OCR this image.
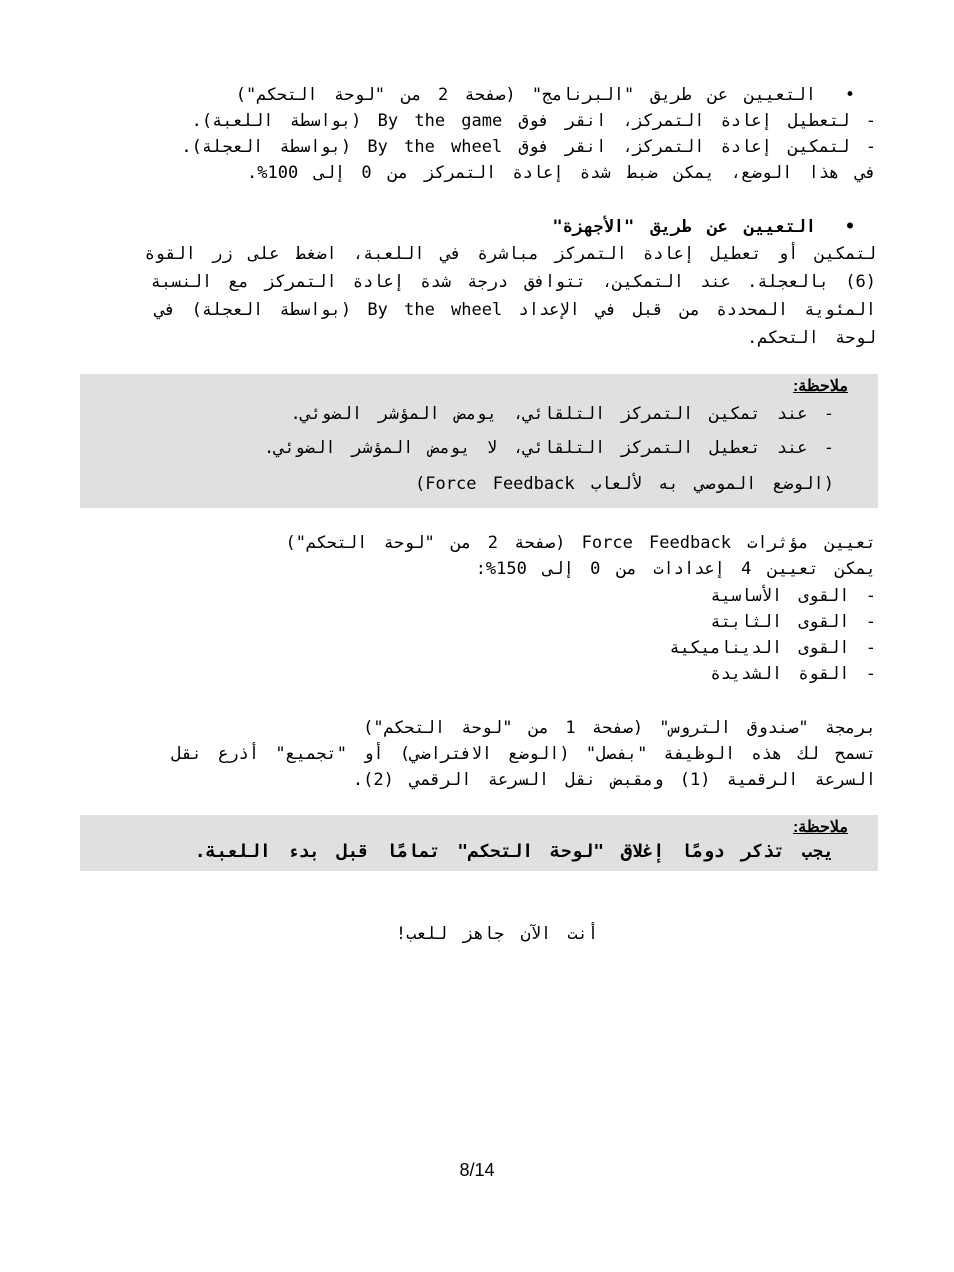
•
التعيين عن طريق "البرنامج" (صفحة 2 من "لوحة التحكم")
- لتعطيل إعادة التمركز، انقر فوق By the game (بواسطة اللعبة).
- لتمكين إعادة التمركز، انقر فوق By the wheel (بواسطة العجلة).
في هذا الوضع، يمكن ضبط شدة إعادة التمركز من 0 إلى 100%.
•
التعيين عن طريق "الأجهزة"
لتمكين أو تعطيل إعادة التمركز مباشرة في اللعبة، اضغط على زر القوة (6) بالعجلة. عند التمكين، تتوافق درجة شدة إعادة التمركز مع النسبة المئوية المحددة من قبل في الإعداد By the wheel (بواسطة العجلة) في لوحة التحكم.
ملاحظة:
- عند تمكين التمركز التلقائي، يومض المؤشر الضوئي.
- عند تعطيل التمركز التلقائي، لا يومض المؤشر الضوئي.
(الوضع الموصي به لألعاب Force Feedback)
تعيين مؤثرات Force Feedback (صفحة 2 من "لوحة التحكم")
يمكن تعيين 4 إعدادات من 0 إلى 150%:
- القوى الأساسية
- القوى الثابتة
- القوى الديناميكية
- القوة الشديدة
برمجة "صندوق التروس" (صفحة 1 من "لوحة التحكم")
تسمح لك هذه الوظيفة "بفصل" (الوضع الافتراضي) أو "تجميع" أذرع نقل السرعة الرقمية (1) ومقبض نقل السرعة الرقمي (2).
ملاحظة:
يجب تذكر دومًا إغلاق "لوحة التحكم" تمامًا قبل بدء اللعبة.
أنت الآن جاهز للعب!
8/14
